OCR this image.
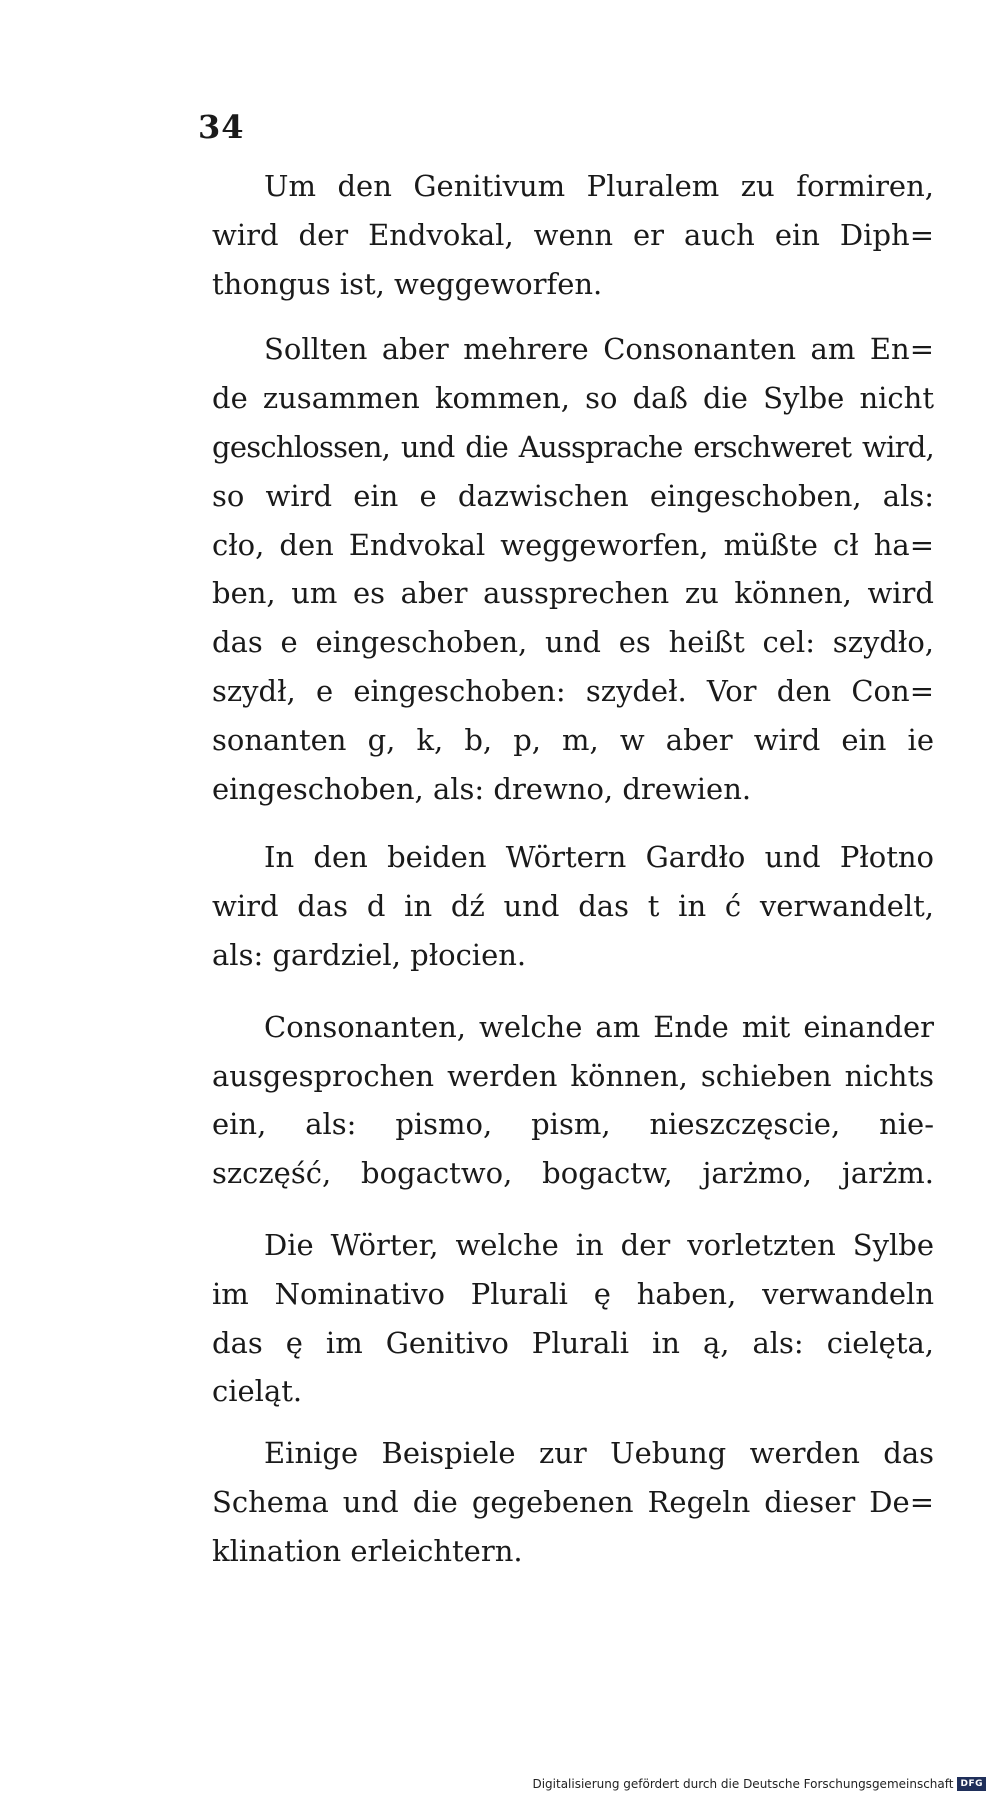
34

Um den Genitivum Pluralem zu formiren,
wird der Endvokal, wenn er auch ein Diph=
thongus ist, weggeworfen.

Sollten aber mehrere Consonanten am En=
de zusammen kommen, so daß die Sylbe nicht
geschlossen, und die Aussprache erschweret wird,
so wird ein e dazwischen eingeschoben, als:
cło, den Endvokal weggeworfen, müßte cł ha=
ben, um es aber aussprechen zu können, wird
das e eingeschoben, und es heißt cel: szydło,
szydł, e eingeschoben: szydeł. Vor den Con=
sonanten g, k, b, p, m, w aber wird ein ie
eingeschoben, als: drewno, drewien.

In den beiden Wörtern Gardło und Płotno
wird das d in dź und das t in ć verwandelt,
als: gardziel, płocien.

Consonanten, welche am Ende mit einander
ausgesprochen werden können, schieben nichts
ein, als: pismo, pism, nieszczęscie, nie-
szczęść, bogactwo, bogactw, jarżmo, jarżm.

Die Wörter, welche in der vorletzten Sylbe
im Nominativo Plurali ę haben, verwandeln
das ę im Genitivo Plurali in ą, als: cielęta,
cieląt.

Einige Beispiele zur Uebung werden das
Schema und die gegebenen Regeln dieser De=
klination erleichtern.

Digitalisierung gefördert durch die Deutsche Forschungsgemeinschaft DFG
